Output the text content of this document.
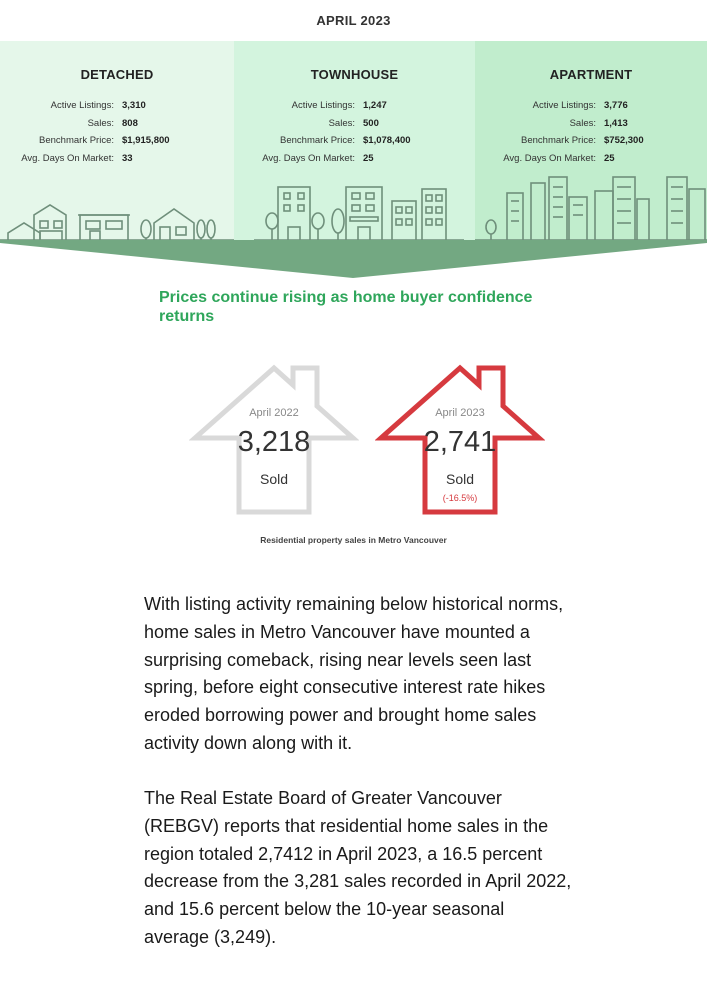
APRIL 2023
DETACHED
Active Listings: 3,310
Sales: 808
Benchmark Price: $1,915,800
Avg. Days On Market: 33
TOWNHOUSE
Active Listings: 1,247
Sales: 500
Benchmark Price: $1,078,400
Avg. Days On Market: 25
APARTMENT
Active Listings: 3,776
Sales: 1,413
Benchmark Price: $752,300
Avg. Days On Market: 25
Prices continue rising as home buyer confidence returns
April 2022
3,218
Sold
April 2023
2,741
Sold
(-16.5%)
Residential property sales in Metro Vancouver

With listing activity remaining below historical norms, home sales in Metro Vancouver have mounted a surprising comeback, rising near levels seen last spring, before eight consecutive interest rate hikes eroded borrowing power and brought home sales activity down along with it.

The Real Estate Board of Greater Vancouver (REBGV) reports that residential home sales in the region totaled 2,7412 in April 2023, a 16.5 percent decrease from the 3,281 sales recorded in April 2022, and 15.6 percent below the 10-year seasonal average (3,249).
